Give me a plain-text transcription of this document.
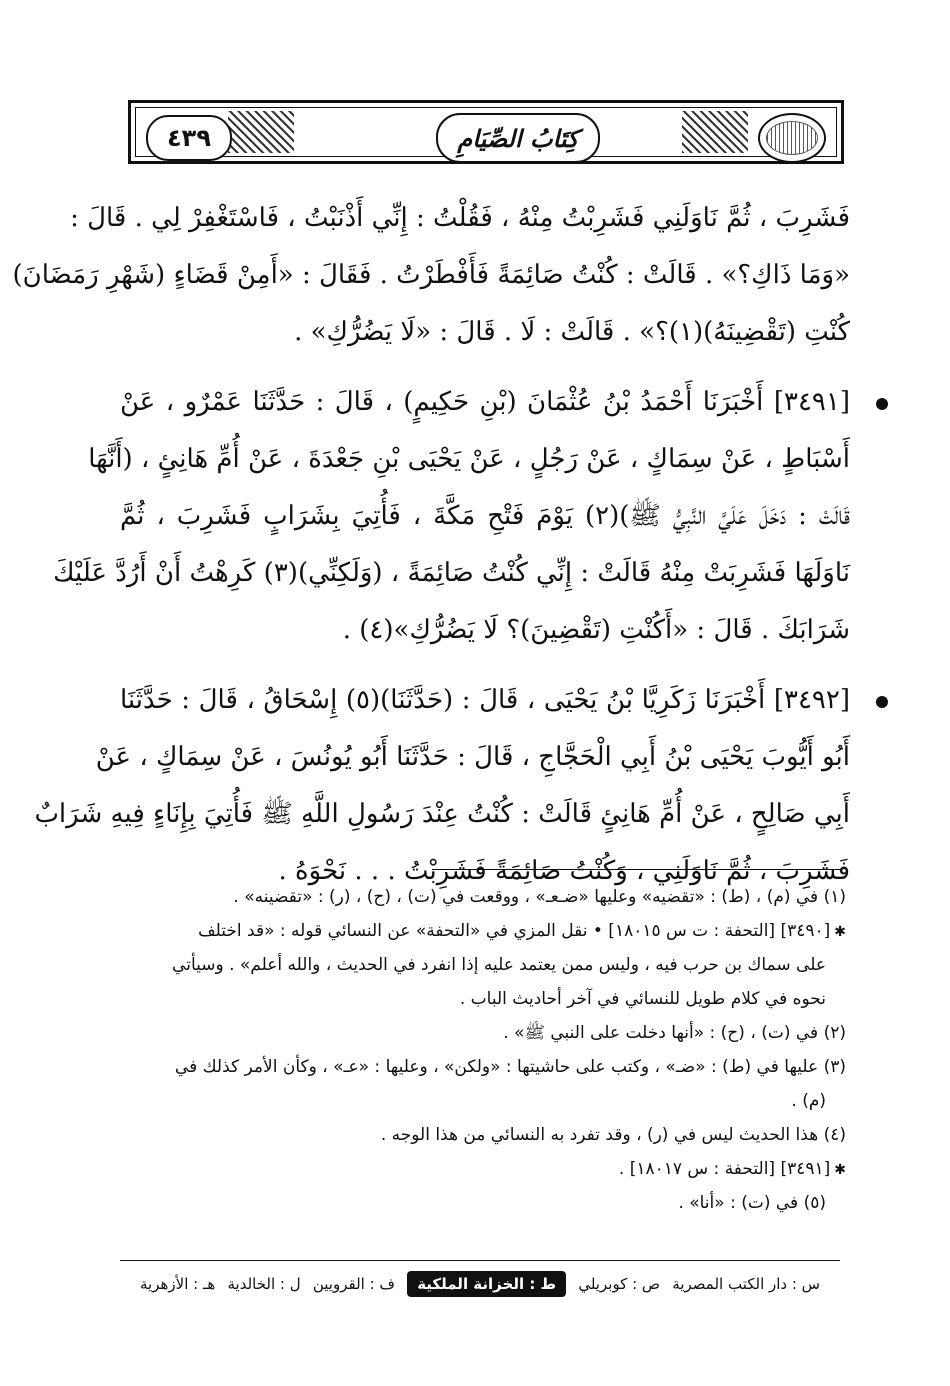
٤٣٩	كِتَابُ الصِّيَامِ
فَشَرِبَ ، ثُمَّ نَاوَلَنِي فَشَرِبْتُ مِنْهُ ، فَقُلْتُ : إِنِّي أَذْنَبْتُ ، فَاسْتَغْفِرْ لِي . قَالَ :
«وَمَا ذَاكِ؟» . قَالَتْ : كُنْتُ صَائِمَةً فَأَفْطَرْتُ . فَقَالَ : «أَمِنْ قَضَاءٍ (شَهْرِ رَمَضَانَ)
كُنْتِ (تَقْضِينَهُ)(١)؟» . قَالَتْ : لَا . قَالَ : «لَا يَضُرُّكِ» .
[٣٤٩١] أَخْبَرَنَا أَحْمَدُ بْنُ عُثْمَانَ (بْنِ حَكِيمٍ) ، قَالَ : حَدَّثَنَا عَمْرٌو ، عَنْ
أَسْبَاطٍ ، عَنْ سِمَاكٍ ، عَنْ رَجُلٍ ، عَنْ يَحْيَى بْنِ جَعْدَةَ ، عَنْ أُمِّ هَانِئٍ ، (أَنَّهَا
قَالَتْ : دَخَلَ عَلَيَّ النَّبِيُّ ﷺ)(٢) يَوْمَ فَتْحِ مَكَّةَ ، فَأُتِيَ بِشَرَابٍ فَشَرِبَ ، ثُمَّ
نَاوَلَهَا فَشَرِبَتْ مِنْهُ قَالَتْ : إِنِّي كُنْتُ صَائِمَةً ، (وَلَكِنِّي)(٣) كَرِهْتُ أَنْ أَرُدَّ عَلَيْكَ
شَرَابَكَ . قَالَ : «أَكُنْتِ (تَقْضِينَ)؟ لَا يَضُرُّكِ»(٤) .
[٣٤٩٢] أَخْبَرَنَا زَكَرِيَّا بْنُ يَحْيَى ، قَالَ : (حَدَّثَنَا)(٥) إِسْحَاقُ ، قَالَ : حَدَّثَنَا
أَبُو أَيُّوبَ يَحْيَى بْنُ أَبِي الْحَجَّاجِ ، قَالَ : حَدَّثَنَا أَبُو يُونُسَ ، عَنْ سِمَاكٍ ، عَنْ
أَبِي صَالِحٍ ، عَنْ أُمِّ هَانِئٍ قَالَتْ : كُنْتُ عِنْدَ رَسُولِ اللَّهِ ﷺ فَأُتِيَ بِإِنَاءٍ فِيهِ شَرَابٌ
فَشَرِبَ ، ثُمَّ نَاوَلَنِي ، وَكُنْتُ صَائِمَةً فَشَرِبْتُ . . . نَحْوَهُ .
(١) في (م) ، (ط) : «تقضيه» وعليها «ضـعـ» ، ووقعت في (ت) ، (ح) ، (ر) : «تقضينه» .
✱ [٣٤٩٠] [التحفة : ت س ١٨٠١٥] • نقل المزي في «التحفة» عن النسائي قوله : «قد اختلف
على سماك بن حرب فيه ، وليس ممن يعتمد عليه إذا انفرد في الحديث ، والله أعلم» . وسيأتي
نحوه في كلام طويل للنسائي في آخر أحاديث الباب .
(٢) في (ت) ، (ح) : «أنها دخلت على النبي ﷺ» .
(٣) عليها في (ط) : «ضـ» ، وكتب على حاشيتها : «ولكن» ، وعليها : «عـ» ، وكأن الأمر كذلك في
(م) .
(٤) هذا الحديث ليس في (ر) ، وقد تفرد به النسائي من هذا الوجه .
✱ [٣٤٩١] [التحفة : س ١٨٠١٧] .
(٥) في (ت) : «أنا» .
س : دار الكتب المصرية
ص : كوبريلي
ط : الخزانة الملكية
ف : القرويين
ل : الخالدية
هـ : الأزهرية
